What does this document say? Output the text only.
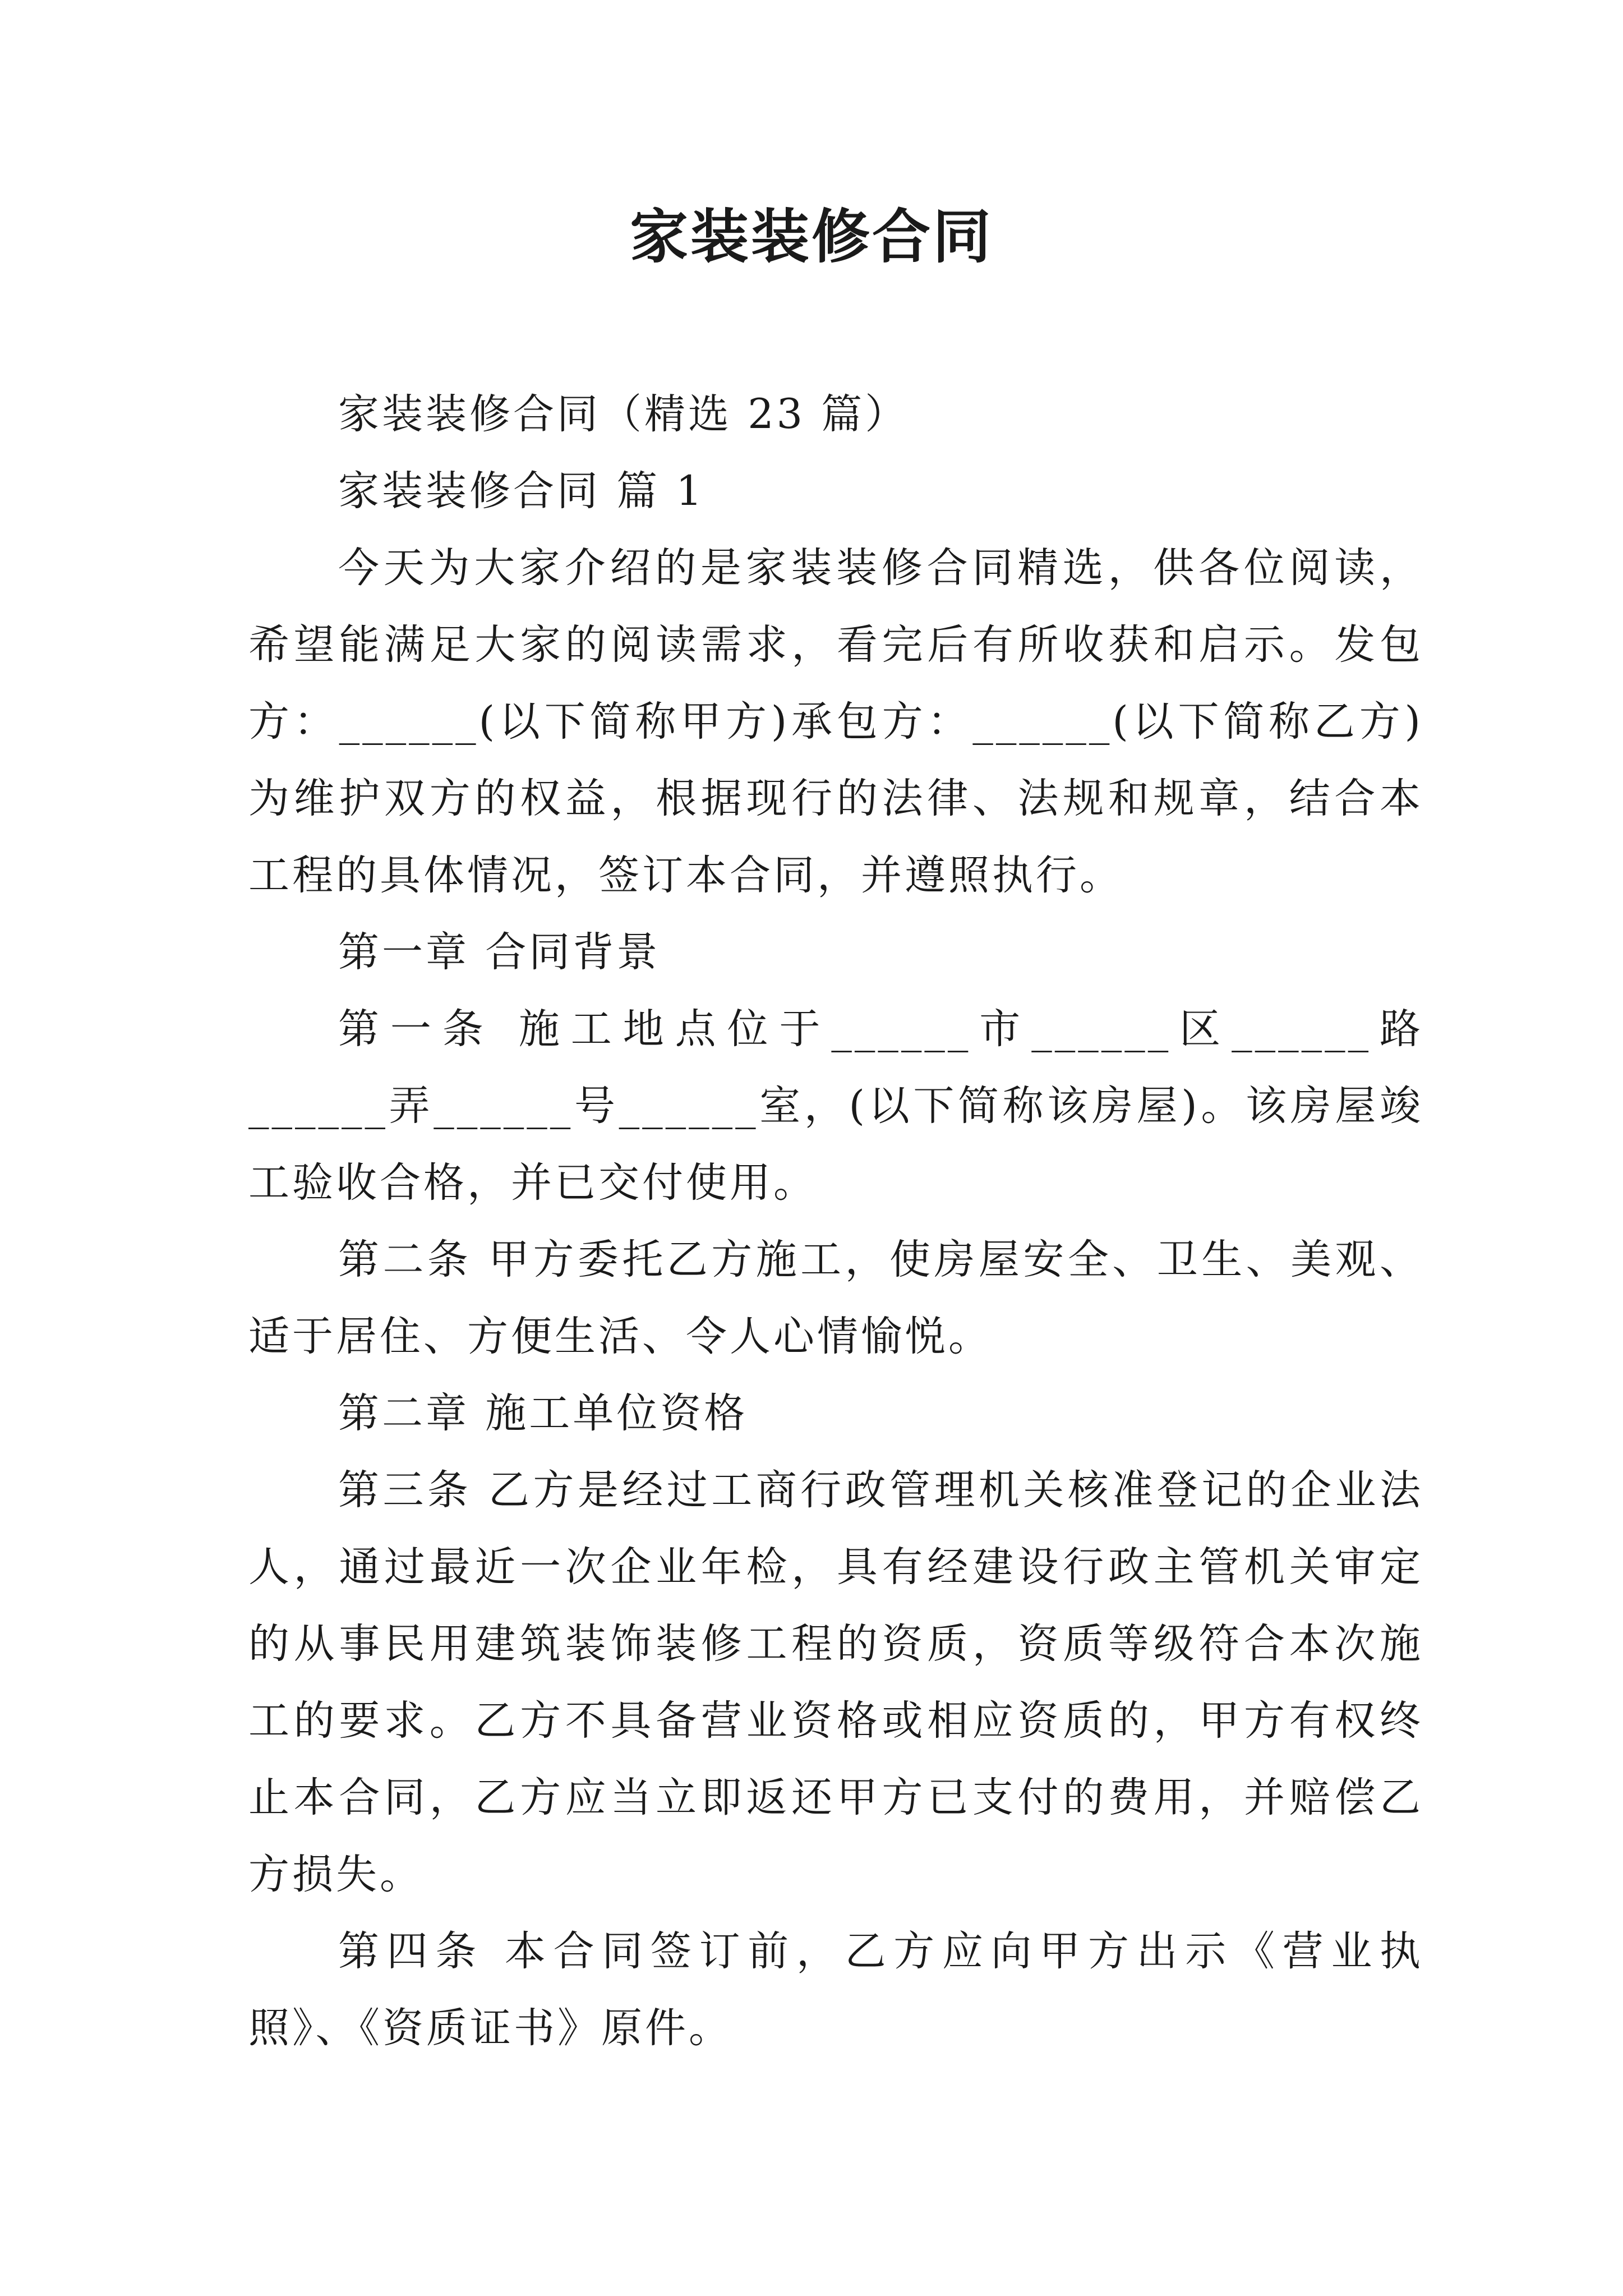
家装装修合同

家装装修合同（精选 23 篇）

家装装修合同 篇 1

今天为大家介绍的是家装装修合同精选，供各位阅读，希望能满足大家的阅读需求，看完后有所收获和启示。发包方：______(以下简称甲方)承包方：______(以下简称乙方)为维护双方的权益，根据现行的法律、法规和规章，结合本工程的具体情况，签订本合同，并遵照执行。

第一章 合同背景

第一条 施工地点位于______市______区______路______弄______号______室，(以下简称该房屋)。该房屋竣工验收合格，并已交付使用。

第二条 甲方委托乙方施工，使房屋安全、卫生、美观、适于居住、方便生活、令人心情愉悦。

第二章 施工单位资格

第三条 乙方是经过工商行政管理机关核准登记的企业法人，通过最近一次企业年检，具有经建设行政主管机关审定的从事民用建筑装饰装修工程的资质，资质等级符合本次施工的要求。乙方不具备营业资格或相应资质的，甲方有权终止本合同，乙方应当立即返还甲方已支付的费用，并赔偿乙方损失。

第四条 本合同签订前，乙方应向甲方出示《营业执照》、《资质证书》原件。
